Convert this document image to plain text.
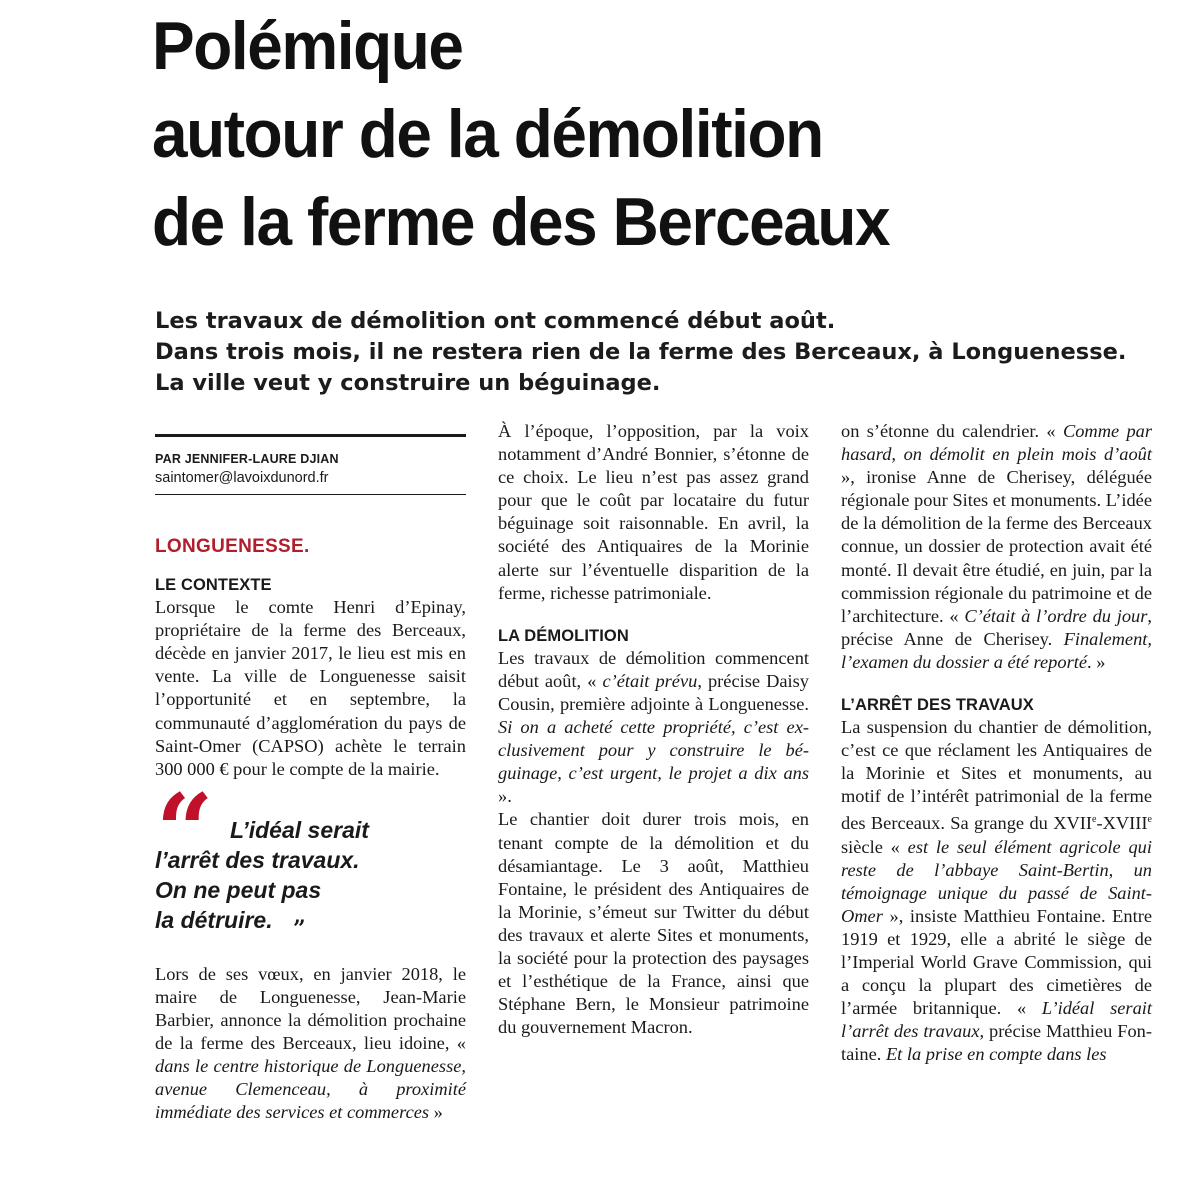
Polémique
autour de la démolition
de la ferme des Berceaux

Les travaux de démolition ont commencé début août.
Dans trois mois, il ne restera rien de la ferme des Berceaux, à Longuenesse.
La ville veut y construire un béguinage.

PAR JENNIFER-LAURE DJIAN
saintomer@lavoixdunord.fr
LONGUENESSE.
LE CONTEXTE

Lorsque le comte Henri d’Epinay, propriétaire de la ferme des Berceaux, décède en janvier 2017, le lieu est mis en vente. La ville de Longuenesse saisit l’opportunité et en septembre, la communauté d’agglomération du pays de Saint-Omer (CAPSO) achète le terrain 300 000 € pour le compte de la mairie.

“	L’idéal serait
l’arrêt des travaux.
On ne peut pas
la détruire. ”

Lors de ses vœux, en janvier 2018, le maire de Longuenesse, Jean-Marie Barbier, annonce la démolition prochaine de la ferme des Berceaux, lieu idoine, « dans le centre historique de Longuenesse, avenue Clemenceau, à proximité immédiate des services et commerces »

À l’époque, l’opposition, par la voix notamment d’André Bonnier, s’étonne de ce choix. Le lieu n’est pas assez grand pour que le coût par locataire du futur béguinage soit raisonnable. En avril, la société des Antiquaires de la Morinie alerte sur l’éventuelle disparition de la ferme, richesse patrimoniale.

LA DÉMOLITION

Les travaux de démolition commencent début août, « c’était prévu, précise Daisy Cousin, première adjointe à Longuenesse. Si on a acheté cette propriété, c’est exclusivement pour y construire le béguinage, c’est urgent, le projet a dix ans ».

Le chantier doit durer trois mois, en tenant compte de la démolition et du désamiantage. Le 3 août, Matthieu Fontaine, le président des Antiquaires de la Morinie, s’émeut sur Twitter du début des travaux et alerte Sites et monuments, la société pour la protection des paysages et l’esthétique de la France, ainsi que Stéphane Bern, le Monsieur patrimoine du gouvernement Macron.

on s’étonne du calendrier. « Comme par hasard, on démolit en plein mois d’août », ironise Anne de Cherisey, déléguée régionale pour Sites et monuments. L’idée de la démolition de la ferme des Berceaux connue, un dossier de protection avait été monté. Il devait être étudié, en juin, par la commission régionale du patrimoine et de l’architecture. « C’était à l’ordre du jour, précise Anne de Cherisey. Finalement, l’examen du dossier a été reporté. »

L’ARRÊT DES TRAVAUX

La suspension du chantier de démolition, c’est ce que réclament les Antiquaires de la Morinie et Sites et monuments, au motif de l’intérêt patrimonial de la ferme des Berceaux. Sa grange du XVIIe-XVIIIe siècle « est le seul élément agricole qui reste de l’abbaye Saint-Bertin, un témoignage unique du passé de Saint-Omer », insiste Matthieu Fontaine. Entre 1919 et 1929, elle a abrité le siège de l’Imperial World Grave Commission, qui a conçu la plupart des cimetières de l’armée britannique. « L’idéal serait l’arrêt des travaux, précise Matthieu Fontaine. Et la prise en compte dans les
